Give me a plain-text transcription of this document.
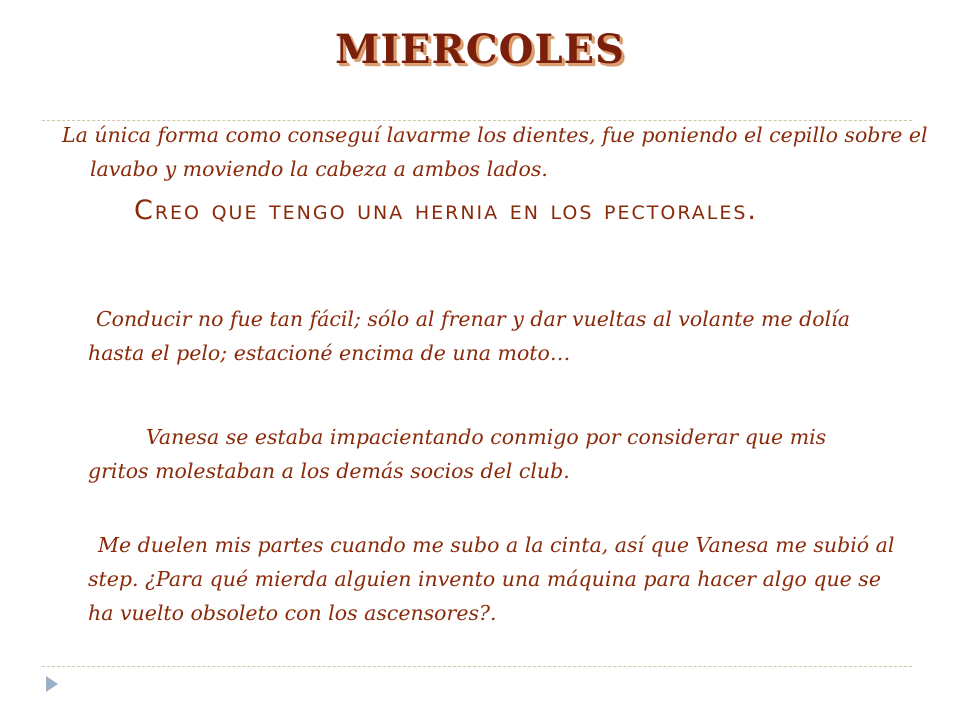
MIERCOLES
La única forma como conseguí lavarme los dientes, fue poniendo el cepillo sobre el lavabo y moviendo la cabeza a ambos lados.
Creo que tengo una hernia en los pectorales.
Conducir no fue tan fácil; sólo al frenar y dar vueltas al volante me dolía hasta el pelo; estacioné encima de una moto…
Vanesa se estaba impacientando conmigo por considerar que mis gritos molestaban a los demás socios del club.
Me duelen mis partes cuando me subo a la cinta, así que Vanesa me subió al step. ¿Para qué mierda alguien invento una máquina para hacer algo que se ha vuelto obsoleto con los ascensores?.
